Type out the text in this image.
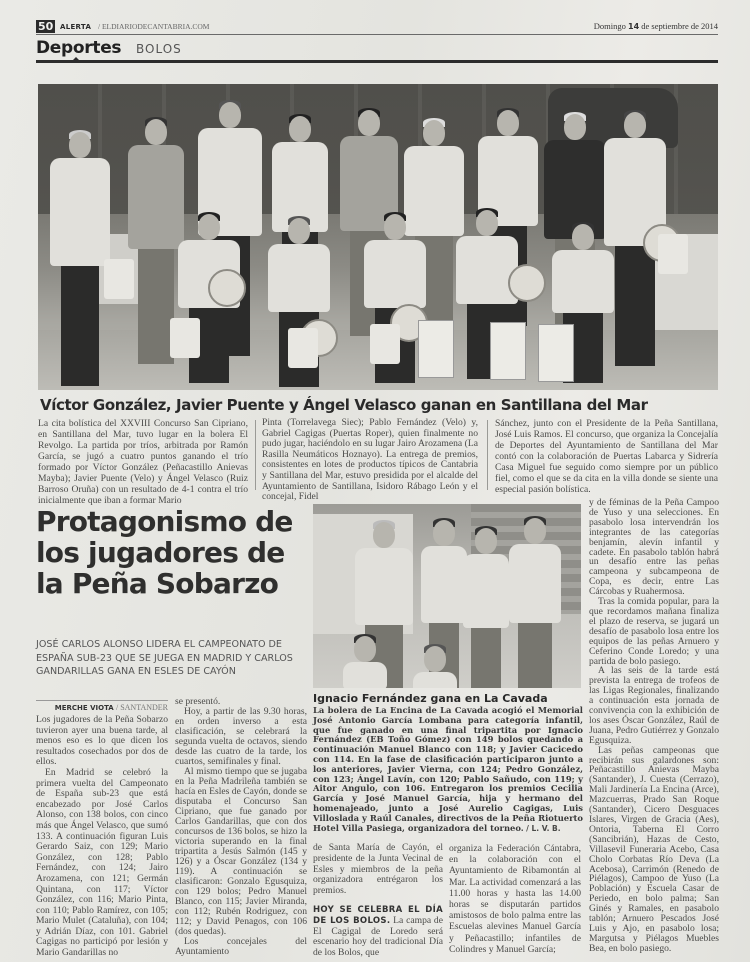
50 ALERTA / ELDIARIODECANTABRIA.COM	Domingo 14 de septiembre de 2014
Deportes BOLOS
Víctor González, Javier Puente y Ángel Velasco ganan en Santillana del Mar

La cita bolística del XXVIII Concurso San Cipriano, en Santillana del Mar, tuvo lugar en la bolera El Revolgo. La partida por tríos, arbitrada por Ramón García, se jugó a cuatro puntos ganando el trío formado por Víctor González (Peñacastillo Anievas Mayba); Javier Puente (Velo) y Ángel Velasco (Ruiz Barroso Oruña) con un resultado de 4-1 contra el trío inicialmente que iban a formar Mario

Pinta (Torrelavega Siec); Pablo Fernández (Velo) y, Gabriel Cagigas (Puertas Roper), quien finalmente no pudo jugar, haciéndolo en su lugar Jairo Arozamena (La Rasilla Neumáticos Hoznayo). La entrega de premios, consistentes en lotes de productos típicos de Cantabria y Santillana del Mar, estuvo presidida por el alcalde del Ayuntamiento de Santillana, Isidoro Rábago León y el concejal, Fidel

Sánchez, junto con el Presidente de la Peña Santillana, José Luis Ramos. El concurso, que organiza la Concejalía de Deportes del Ayuntamiento de Santillana del Mar contó con la colaboración de Puertas Labarca y Sidrería Casa Miguel fue seguido como siempre por un público fiel, como el que se da cita en la villa donde se siente una especial pasión bolística.

Protagonismo de los jugadores de la Peña Sobarzo
JOSÉ CARLOS ALONSO LIDERA EL CAMPEONATO DE ESPAÑA SUB-23 QUE SE JUEGA EN MADRID Y CARLOS GANDARILLAS GANA EN ESLES DE CAYÓN
MERCHE VIOTA / SANTANDER

Los jugadores de la Peña Sobarzo tuvieron ayer una buena tarde, al menos eso es lo que dicen los resultados cosechados por dos de ellos.

En Madrid se celebró la primera vuelta del Campeonato de España sub-23 que está encabezado por José Carlos Alonso, con 138 bolos, con cinco más que Ángel Velasco, que sumó 133. A continuación figuran Luis Gerardo Saiz, con 129; Mario González, con 128; Pablo Fernández, con 124; Jairo Arozamena, con 121; Germán Quintana, con 117; Víctor González, con 116; Mario Pinta, con 110; Pablo Ramírez, con 105; Mario Mulet (Cataluña), con 104; y Adrián Díaz, con 101. Gabriel Cagigas no participó por lesión y Mario Gandarillas no

se presentó.

Hoy, a partir de las 9.30 horas, en orden inverso a esta clasificación, se celebrará la segunda vuelta de octavos, siendo desde las cuatro de la tarde, los cuartos, semifinales y final.

Al mismo tiempo que se jugaba en la Peña Madrileña también se hacía en Esles de Cayón, donde se disputaba el Concurso San Cipriano, que fue ganado por Carlos Gandarillas, que con dos concursos de 136 bolos, se hizo la victoria superando en la final tripartita a Jesús Salmón (145 y 126) y a Óscar González (134 y 119). A continuación se clasificaron: Gonzalo Egusquiza, con 129 bolos; Pedro Manuel Blanco, con 115; Javier Miranda, con 112; Rubén Rodriguez, con 112; y David Penagos, con 106 (dos quedas).

Los concejales del Ayuntamiento

Ignacio Fernández gana en La Cavada

La bolera de La Encina de La Cavada acogió el Memorial José Antonio García Lombana para categoría infantil, que fue ganado en una final tripartita por Ignacio Fernández (EB Toño Gómez) con 149 bolos quedando a continuación Manuel Blanco con 118; y Javier Cacicedo con 114. En la fase de clasificación participaron junto a los anteriores, Javier Vierna, con 124; Pedro González, con 123; Ángel Lavín, con 120; Pablo Sañudo, con 119; y Aitor Angulo, con 106. Entregaron los premios Cecilia García y José Manuel García, hija y hermano del homenajeado, junto a José Aurelio Cagigas, Luis Villoslada y Raúl Canales, directivos de la Peña Riotuerto Hotel Villa Pasiega, organizadora del torneo. / L. V. B.

de Santa María de Cayón, el presidente de la Junta Vecinal de Esles y miembros de la peña organizadora entrégaron los premios.

HOY SE CELEBRA EL DÍA DE LOS BOLOS. La campa de El Cagigal de Loredo será escenario hoy del tradicional Día de los Bolos, que

organiza la Federación Cántabra, en la colaboración con el Ayuntamiento de Ribamontán al Mar. La actividad comenzará a las 11.00 horas y hasta las 14.00 horas se disputarán partidos amistosos de bolo palma entre las Escuelas alevines Manuel García y Peñacastillo; infantiles de Colindres y Manuel García;

y de féminas de la Peña Campoo de Yuso y una selecciones. En pasabolo losa intervendrán los integrantes de las categorías benjamín, alevín infantil y cadete. En pasabolo tablón habrá un desafío entre las peñas campeona y subcampeona de Copa, es decir, entre Las Cárcobas y Ruahermosa.

Tras la comida popular, para la que recordamos mañana finaliza el plazo de reserva, se jugará un desafío de pasabolo losa entre los equipos de las peñas Arnuero y Ceferino Conde Loredo; y una partida de bolo pasiego.

A las seis de la tarde está prevista la entrega de trofeos de las Ligas Regionales, finalizando a continuación esta jornada de convivencia con la exhibición de los ases Óscar González, Raúl de Juana, Pedro Gutiérrez y Gonzalo Egusquiza.

Las peñas campeonas que recibirán sus galardones son: Peñacastillo Anievas Mayba (Santander), J. Cuesta (Cerrazo), Mali Jardinería La Encina (Arce), Mazcuerras, Prado San Roque (Santander), Cicero Desguaces Islares, Virgen de Gracia (Aes), Ontoria, Taberna El Corro (Sancibrián), Hazas de Cesto, Villasevil Funeraria Acebo, Casa Cholo Corbatas Río Deva (La Acebosa), Carrimón (Renedo de Piélagos), Campoo de Yuso (La Población) y Escuela Casar de Periedo, en bolo palma; San Ginés y Ramales, en pasabolo tablón; Arnuero Pescados José Luis y Ajo, en pasabolo losa; Margutsa y Piélagos Muebles Bea, en bolo pasiego.
